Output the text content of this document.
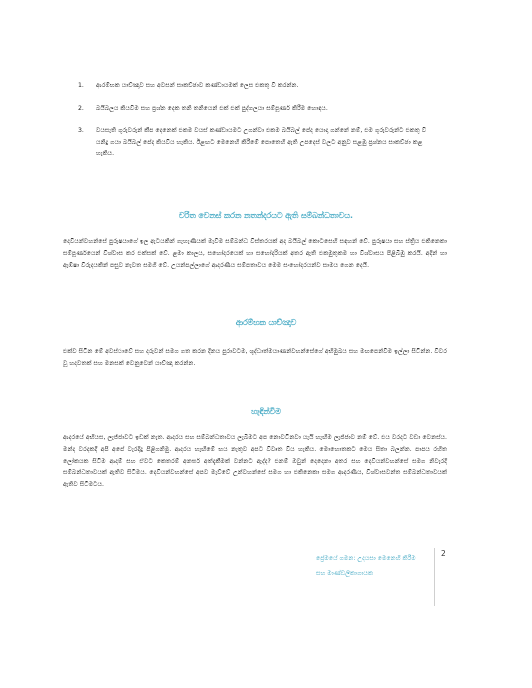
1.	ආරම්භක යාච්ඤාව සහ අවසන් සාකච්ඡාව කණ්ඩායමක් ලෙස එකතු වී කරන්න.
2.	බයිබලය කියවීම සහ ප්‍රශ්න දෙක තනි තනියෙන් එක් එක් පුද්ගලයා සම්පූර්ණ කිරීම හොඳය.
3.	වයසැති ගුරුවරුන් කීප දෙනෙක් එකම වයස් කණ්ඩායමට උගන්වා එකම බයිබල් පේද යොදා ගන්නේ නම්, එම ගුරුවරුන්ට එකතු වී යනිදු ගයා බයිබල් පේද කියවිය හැකිය. ඊළඟට මෙනෙහි කිරීමේ පොතෙහි ඇති උපදෙස් වලට අනුව සළඹු ප්‍රශ්නය සාකච්ඡා කළ හැකිය.
චරිත වෙනස් කරන නතන්දරයට ඇති සම්බන්ධතාවය.

දෙවියන්වහන්සේ පුරුෂයාගේ ඉල ඇටයකින් ගැහැණියක් මැවීම සම්බන්ධ විස්තරයක් අද බයිබල් කොටසෙහි සඳහන් වේ. පුරුෂයා සහ ස්ත්‍රිය එකිනෙකා සම්පූර්ණයෙන් විශ්වාස කර එක්සක් වේ. ළමා කාලය, සහෝදරයෙක් හා සහෝදරියක් අතර ඇති එකමුතුකම හා විශ්වාසය පිළිබිඹු කරයි. අදින් හා ඇඹ්ෂා විරුදයකින් පසුව නැවත සමගි වේ. උයන්පල්ලාගේ ආදරණීය සම්පතාවය මෙම සංහෝදරයන්ව සාමය ගෙන දෙයි.

ආරම්භක යාච්ඤාව

එක්ව සිටින මේ අවස්ථාවේ සහ දරුවන් සමග ගත කරන දිනය පුරාවටම, ශුද්ධාත්මයාණන්වහන්සේගේ අභිමුඛය සහ මඟපෙන්වීම ඉල්ලා සිටින්න. විවර වූ හදවතක් සහ මනසක් වෙනුවෙන් යාච්ඤා කරන්න.

හැඳින්වීම

ආදරයේ අභියස, ලැජ්ජාවට ඉඩක් නැත. ආදරය සහ සම්බන්ධතාවය ලැබීමට අප නොවටිනවා යැයි හැඟීම ලැජ්ජාව නම් වේ. එය වරදට වඩා වෙනස්ය. මන්ද වරදකදී අපි අපේ වැරදිදු පිළිගනිමු. ආදරය හැඟීමේ භය නැතුව අපට විවෘත විය හැකිය. මොහොතකට මෙය සිතා බලන්න. පාපය රහිත ලෝකයක සිටීම ආදම් සහ ඒවට කෙතරම් අනර්ඝ අත්දැකීමක් වන්නට ඇද්ද? එනම් ඔවුන් දෙදෙනා අතර සහ දෙවියන්වහන්සේ සමග නිවැරදි සම්බන්ධතාවයක් ඇතිව සිටීමය. දෙවියන්වහන්සේ අපව මැව්වේ උන්වහන්සේ සමග හා එකිනෙකා සමග ආදරණීය, විශ්වාසවන්ත සම්බන්ධතාවයක් ඇතිව සිටීමටය.

ප්‍රේමයේ ගමන: උදයසා මෙනෙහි කිරීම
සහ මාණ්ඩලිකාගායක
2
